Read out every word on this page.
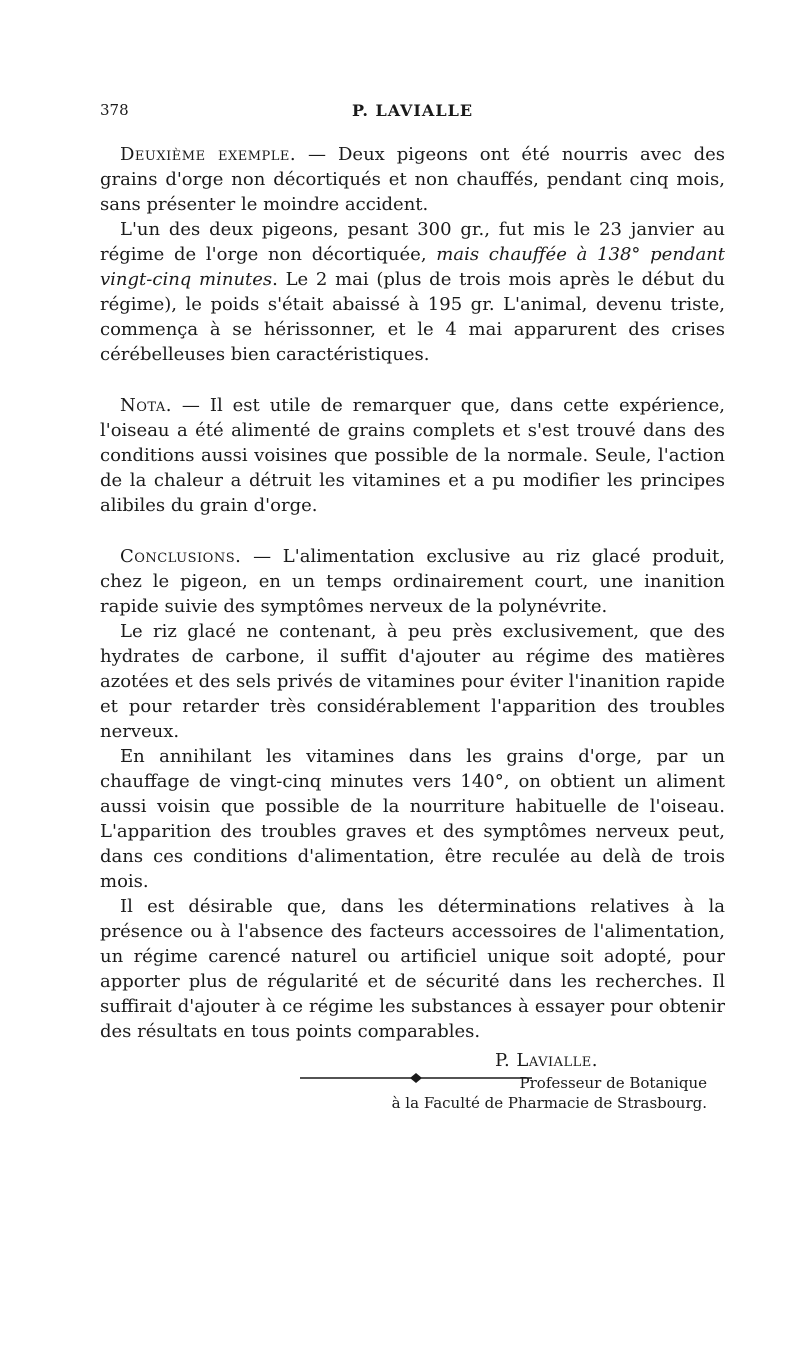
378	P. LAVIALLE

Deuxième exemple. — Deux pigeons ont été nourris avec des grains d'orge non décortiqués et non chauffés, pendant cinq mois, sans présenter le moindre accident.

L'un des deux pigeons, pesant 300 gr., fut mis le 23 janvier au régime de l'orge non décortiquée, mais chauffée à 138° pendant vingt-cinq minutes. Le 2 mai (plus de trois mois après le début du régime), le poids s'était abaissé à 195 gr. L'animal, devenu triste, commença à se hérissonner, et le 4 mai apparurent des crises cérébelleuses bien caractéristiques.

Nota. — Il est utile de remarquer que, dans cette expérience, l'oiseau a été alimenté de grains complets et s'est trouvé dans des conditions aussi voisines que possible de la normale. Seule, l'action de la chaleur a détruit les vitamines et a pu modifier les principes alibiles du grain d'orge.

Conclusions. — L'alimentation exclusive au riz glacé produit, chez le pigeon, en un temps ordinairement court, une inanition rapide suivie des symptômes nerveux de la polynévrite.

Le riz glacé ne contenant, à peu près exclusivement, que des hydrates de carbone, il suffit d'ajouter au régime des matières azotées et des sels privés de vitamines pour éviter l'inanition rapide et pour retarder très considérablement l'apparition des troubles nerveux.

En annihilant les vitamines dans les grains d'orge, par un chauffage de vingt-cinq minutes vers 140°, on obtient un aliment aussi voisin que possible de la nourriture habituelle de l'oiseau. L'apparition des troubles graves et des symptômes nerveux peut, dans ces conditions d'alimentation, être reculée au delà de trois mois.

Il est désirable que, dans les déterminations relatives à la présence ou à l'absence des facteurs accessoires de l'alimentation, un régime carencé naturel ou artificiel unique soit adopté, pour apporter plus de régularité et de sécurité dans les recherches. Il suffirait d'ajouter à ce régime les substances à essayer pour obtenir des résultats en tous points comparables.

P. Lavialle.
Professeur de Botanique
à la Faculté de Pharmacie de Strasbourg.
